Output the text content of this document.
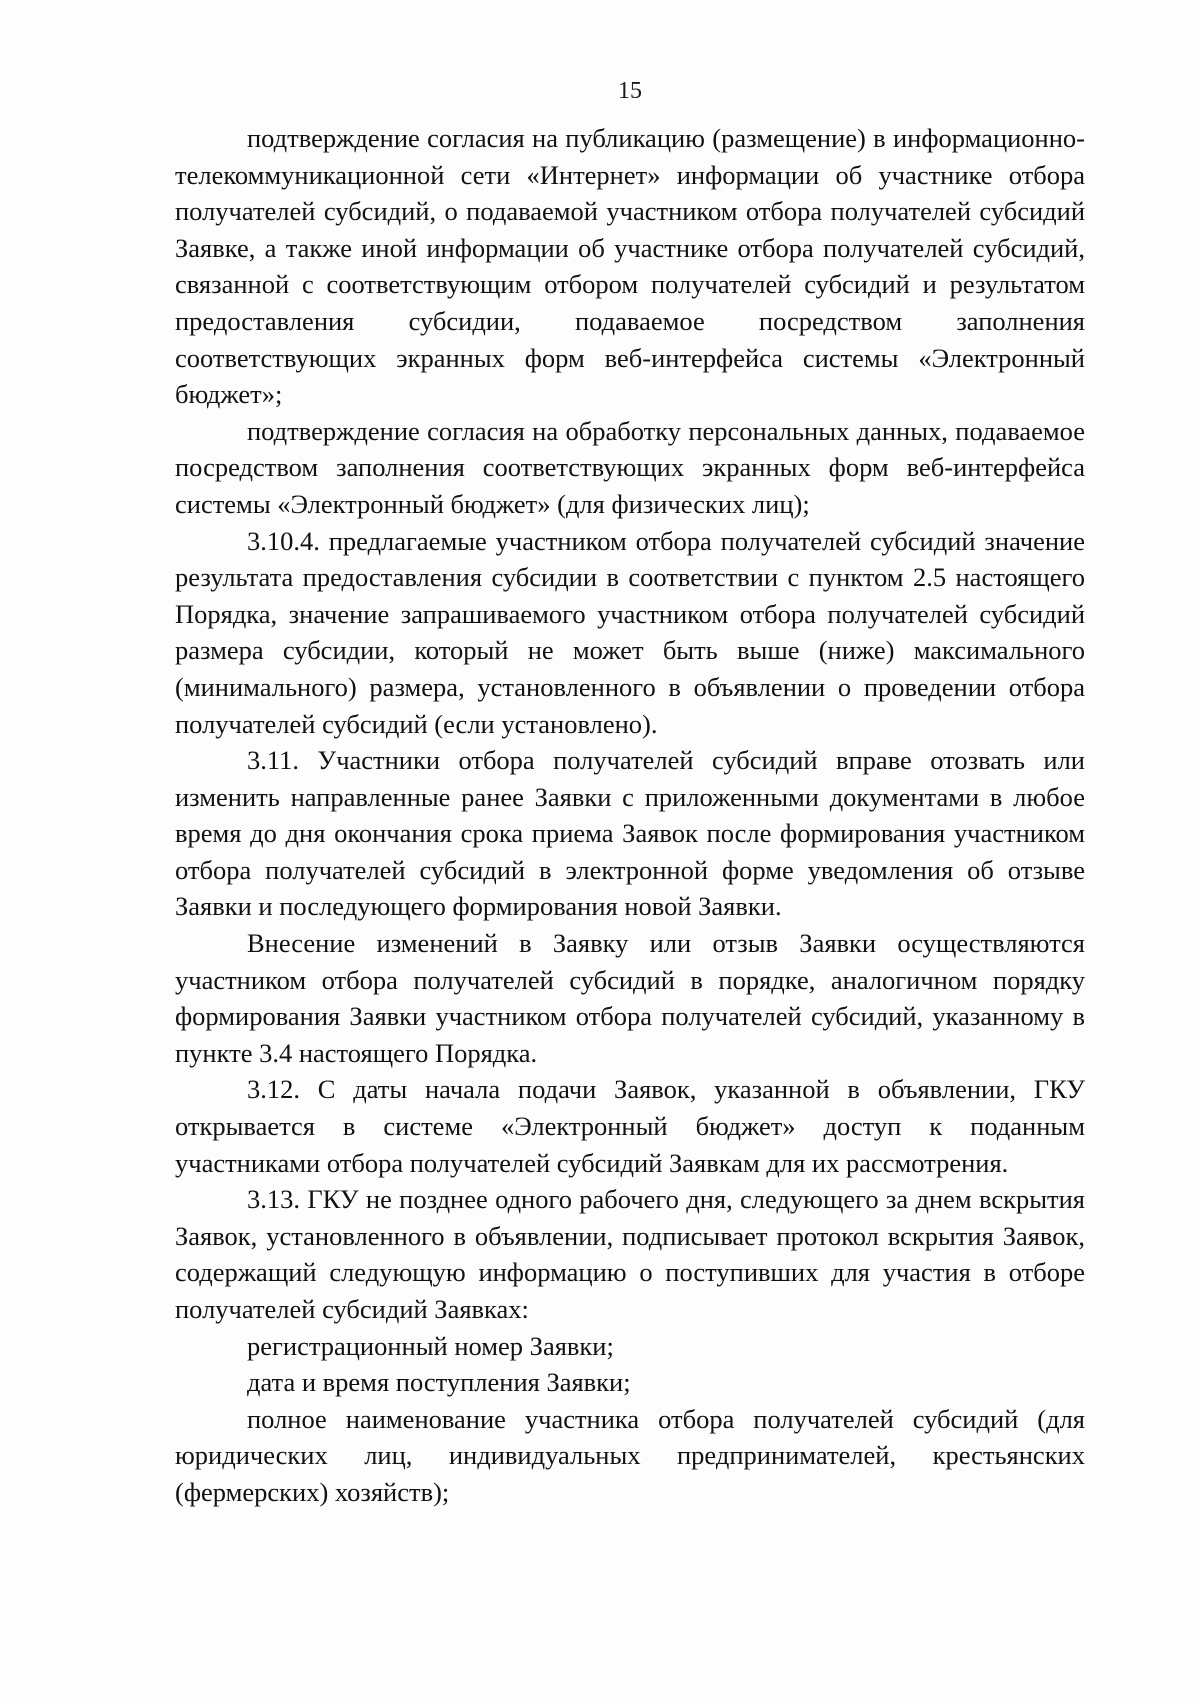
15

подтверждение согласия на публикацию (размещение) в информационно-телекоммуникационной сети «Интернет» информации об участнике отбора получателей субсидий, о подаваемой участником отбора получателей субсидий Заявке, а также иной информации об участнике отбора получателей субсидий, связанной с соответствующим отбором получателей субсидий и результатом предоставления субсидии, подаваемое посредством заполнения соответствующих экранных форм веб-интерфейса системы «Электронный бюджет»;

подтверждение согласия на обработку персональных данных, подаваемое посредством заполнения соответствующих экранных форм веб-интерфейса системы «Электронный бюджет» (для физических лиц);

3.10.4. предлагаемые участником отбора получателей субсидий значение результата предоставления субсидии в соответствии с пунктом 2.5 настоящего Порядка, значение запрашиваемого участником отбора получателей субсидий размера субсидии, который не может быть выше (ниже) максимального (минимального) размера, установленного в объявлении о проведении отбора получателей субсидий (если установлено).

3.11. Участники отбора получателей субсидий вправе отозвать или изменить направленные ранее Заявки с приложенными документами в любое время до дня окончания срока приема Заявок после формирования участником отбора получателей субсидий в электронной форме уведомления об отзыве Заявки и последующего формирования новой Заявки.

Внесение изменений в Заявку или отзыв Заявки осуществляются участником отбора получателей субсидий в порядке, аналогичном порядку формирования Заявки участником отбора получателей субсидий, указанному в пункте 3.4 настоящего Порядка.

3.12. С даты начала подачи Заявок, указанной в объявлении, ГКУ открывается в системе «Электронный бюджет» доступ к поданным участниками отбора получателей субсидий Заявкам для их рассмотрения.

3.13. ГКУ не позднее одного рабочего дня, следующего за днем вскрытия Заявок, установленного в объявлении, подписывает протокол вскрытия Заявок, содержащий следующую информацию о поступивших для участия в отборе получателей субсидий Заявках:

регистрационный номер Заявки;

дата и время поступления Заявки;

полное наименование участника отбора получателей субсидий (для юридических лиц, индивидуальных предпринимателей, крестьянских (фермерских) хозяйств);
